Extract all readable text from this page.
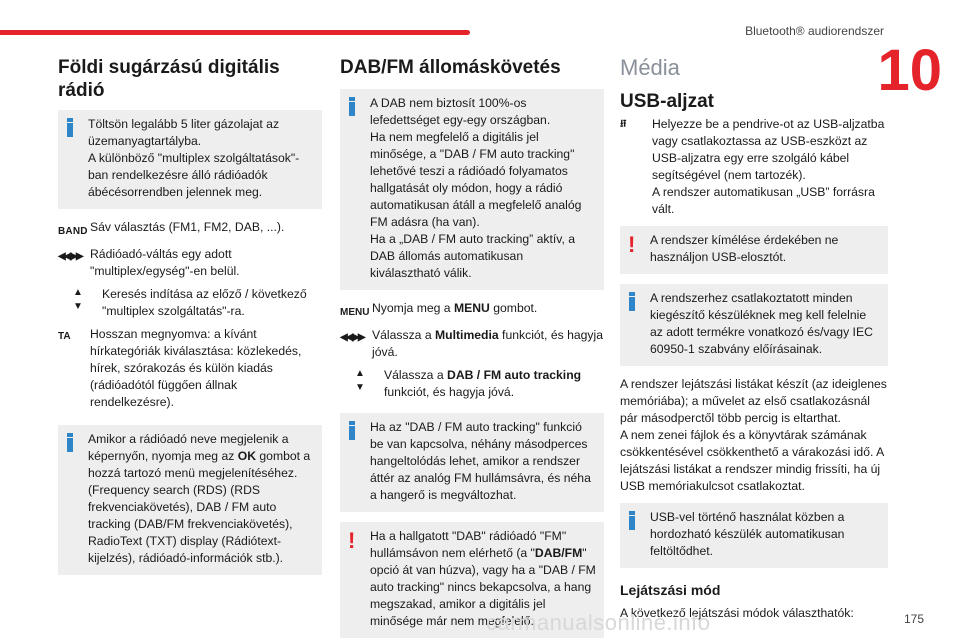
Bluetooth® audiorendszer
10
Földi sugárzású digitális rádió

Töltsön legalább 5 liter gázolajat az üzemanyagtartályba.
A különböző "multiplex szolgáltatások"-ban rendelkezésre álló rádióadók ábécésorrendben jelennek meg.

BAND Sáv választás (FM1, FM2, DAB, ...).

◀◀ ▶▶ Rádióadó-váltás egy adott "multiplex/egység"-en belül.

▲
▼

Keresés indítása az előző / következő "multiplex szolgáltatás"-ra.

TA	Hosszan megnyomva: a kívánt hírkategóriák kiválasztása: közlekedés, hírek, szórakozás és külön kiadás (rádióadótól függően állnak rendelkezésre).

Amikor a rádióadó neve megjelenik a képernyőn, nyomja meg az OK gombot a hozzá tartozó menü megjelenítéséhez.
(Frequency search (RDS) (RDS frekvenciakövetés), DAB / FM auto tracking (DAB/FM frekvenciakövetés), RadioText (TXT) display (Rádiótext-kijelzés), rádióadó-információk stb.).

DAB/FM állomáskövetés

A DAB nem biztosít 100%-os lefedettséget egy-egy országban.
Ha nem megfelelő a digitális jel minősége, a "DAB / FM auto tracking" lehetővé teszi a rádióadó folyamatos hallgatását oly módon, hogy a rádió automatikusan átáll a megfelelő analóg FM adásra (ha van).
Ha a „DAB / FM auto tracking” aktív, a DAB állomás automatikusan kiválasztható válik.

MENU Nyomja meg a MENU gombot.

◀◀ ▶▶ Válassza a Multimedia funkciót, és hagyja jóvá.

▲
▼

Válassza a DAB / FM auto tracking funkciót, és hagyja jóvá.

Ha az "DAB / FM auto tracking" funkció be van kapcsolva, néhány másodperces hangeltolódás lehet, amikor a rendszer áttér az analóg FM hullámsávra, és néha a hangerő is megváltozhat.

!	Ha a hallgatott "DAB" rádióadó "FM" hullámsávon nem elérhető (a "DAB/FM" opció át van húzva), vagy ha a "DAB / FM auto tracking" nincs bekapcsolva, a hang megszakad, amikor a digitális jel minősége már nem megfelelő.

Média
USB-aljzat
⭿	Helyezze be a pendrive-ot az USB-aljzatba vagy csatlakoztassa az USB-eszközt az USB-aljzatra egy erre szolgáló kábel segítségével (nem tartozék).
A rendszer automatikusan „USB” forrásra vált.

!	A rendszer kímélése érdekében ne használjon USB-elosztót.

A rendszerhez csatlakoztatott minden kiegészítő készüléknek meg kell felelnie az adott termékre vonatkozó és/vagy IEC 60950-1 szabvány előírásainak.

A rendszer lejátszási listákat készít (az ideiglenes memóriába); a művelet az első csatlakozásnál pár másodperctől több percig is eltarthat.
A nem zenei fájlok és a könyvtárak számának csökkentésével csökkenthető a várakozási idő. A lejátszási listákat a rendszer mindig frissíti, ha új USB memóriakulcsot csatlakoztat.

USB-vel történő használat közben a hordozható készülék automatikusan feltöltődhet.

Lejátszási mód

A következő lejátszási módok választhatók:

carmanualsonline.info	175
